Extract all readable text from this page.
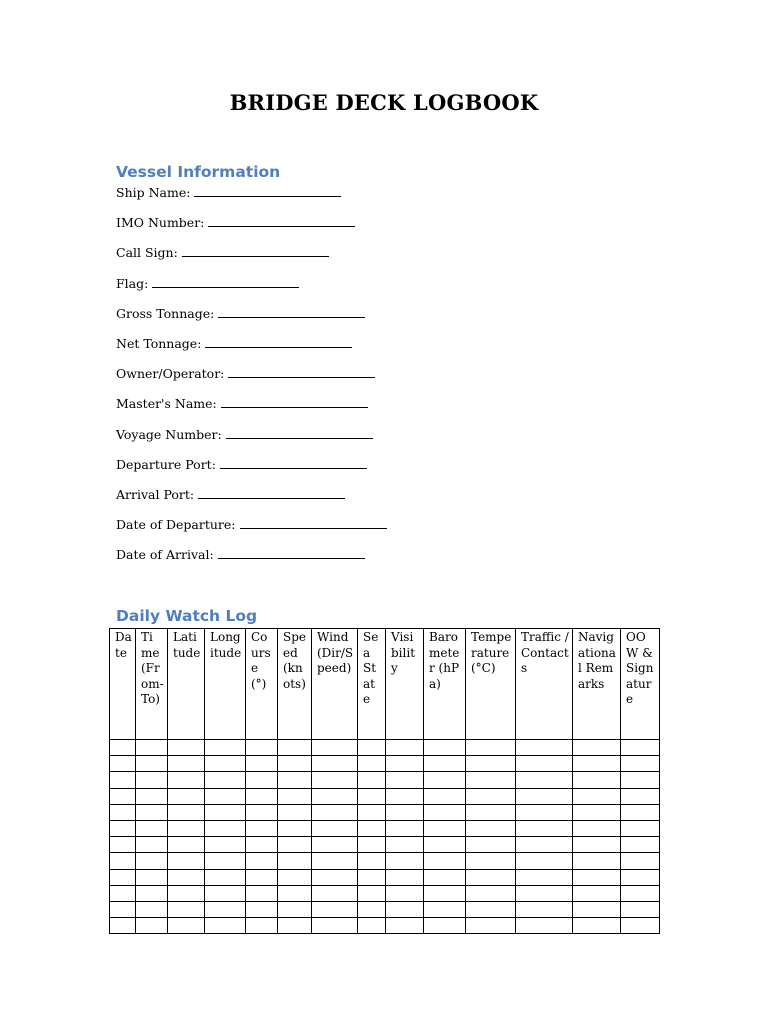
BRIDGE DECK LOGBOOK
Vessel Information
Ship Name:
IMO Number:
Call Sign:
Flag:
Gross Tonnage:
Net Tonnage:
Owner/Operator:
Master's Name:
Voyage Number:
Departure Port:
Arrival Port:
Date of Departure:
Date of Arrival:
Daily Watch Log
Date	Time (From-To)	Latitude	Longitude	Course (°)	Speed (knots)	Wind (Dir/Speed)	Sea State	Visibility	Barometer (hPa)	Temperature (°C)	Traffic / Contacts	Navigational Remarks	OOW & Signature
